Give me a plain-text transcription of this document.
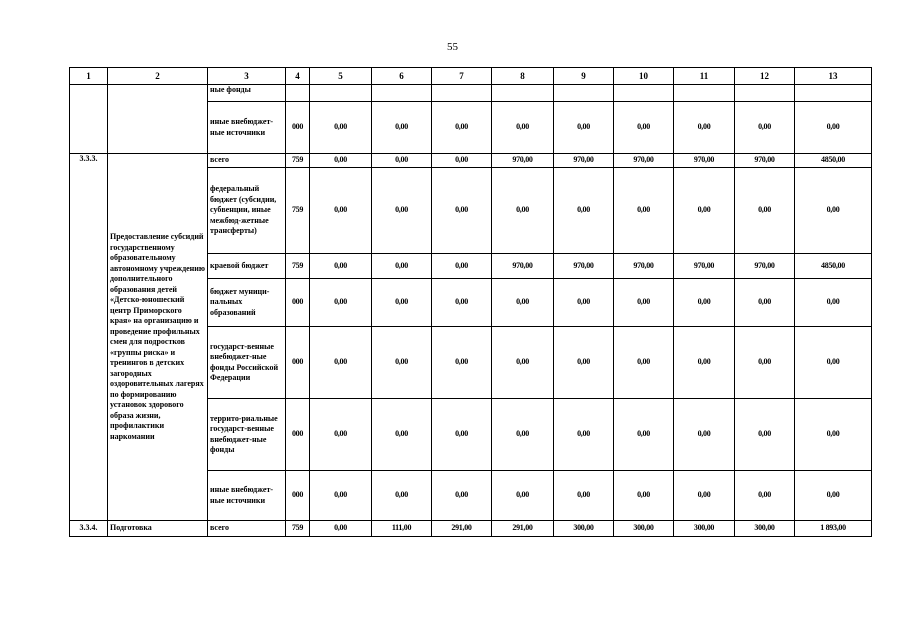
55
1	2	3	4	5	6	7	8	9	10	11	12	13
		ные фонды										
		иные внебюджет-ные источники	000	0,00	0,00	0,00	0,00	0,00	0,00	0,00	0,00	0,00
3.3.3.	Предоставление субсидий государственному образовательному автономному учреждению дополнительного образования детей «Детско-юношеский центр Приморского края» на организацию и проведение профильных смен для подростков «группы риска» и тренингов в детских загородных оздоровительных лагерях по формированию установок здорового образа жизни, профилактики наркомании	всего	759	0,00	0,00	0,00	970,00	970,00	970,00	970,00	970,00	4850,00
		федеральный бюджет (субсидии, субвенции, иные межбюд-жетные трансферты)	759	0,00	0,00	0,00	0,00	0,00	0,00	0,00	0,00	0,00
		краевой бюджет	759	0,00	0,00	0,00	970,00	970,00	970,00	970,00	970,00	4850,00
		бюджет муници-пальных образований	000	0,00	0,00	0,00	0,00	0,00	0,00	0,00	0,00	0,00
		государст-венные внебюджет-ные фонды Российской Федерации	000	0,00	0,00	0,00	0,00	0,00	0,00	0,00	0,00	0,00
		террито-риальные государст-венные внебюджет-ные фонды	000	0,00	0,00	0,00	0,00	0,00	0,00	0,00	0,00	0,00
		иные внебюджет-ные источники	000	0,00	0,00	0,00	0,00	0,00	0,00	0,00	0,00	0,00
3.3.4.	Подготовка	всего	759	0,00	111,00	291,00	291,00	300,00	300,00	300,00	300,00	1 893,00
